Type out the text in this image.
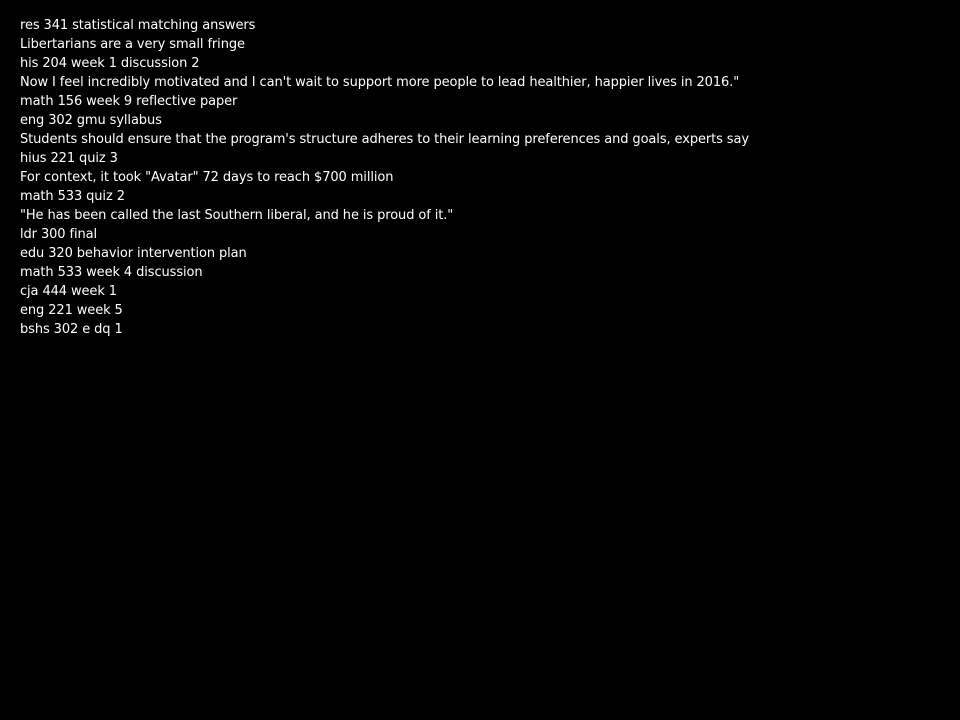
res 341 statistical matching answers
Libertarians are a very small fringe
his 204 week 1 discussion 2
Now I feel incredibly motivated and I can't wait to support more people to lead healthier, happier lives in 2016."
math 156 week 9 reflective paper
eng 302 gmu syllabus
Students should ensure that the program's structure adheres to their learning preferences and goals, experts say
hius 221 quiz 3
For context, it took "Avatar" 72 days to reach $700 million
math 533 quiz 2
"He has been called the last Southern liberal, and he is proud of it."
ldr 300 final
edu 320 behavior intervention plan
math 533 week 4 discussion
cja 444 week 1
eng 221 week 5
bshs 302 e dq 1
